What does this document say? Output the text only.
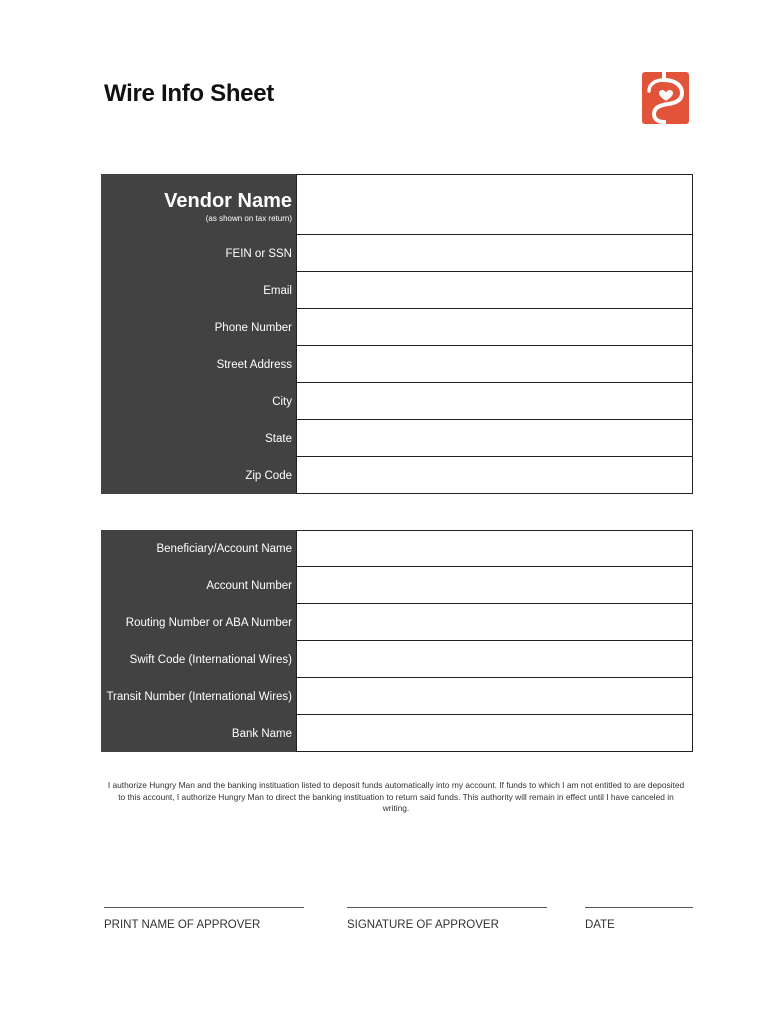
Wire Info Sheet
Vendor Name
(as shown on tax return)
FEIN or SSN
Email
Phone Number
Street Address
City
State
Zip Code
Beneficiary/Account Name
Account Number
Routing Number or ABA Number
Swift Code (International Wires)
Transit Number (International Wires)
Bank Name
I authorize Hungry Man and the banking instituation listed to deposit funds automatically into my account. If funds to which I am not entitled to are deposited to this account, I authorize Hungry Man to direct the banking instituation to return said funds. This authority will remain in effect until I have canceled in writing.
PRINT NAME OF APPROVER	SIGNATURE OF APPROVER	DATE
